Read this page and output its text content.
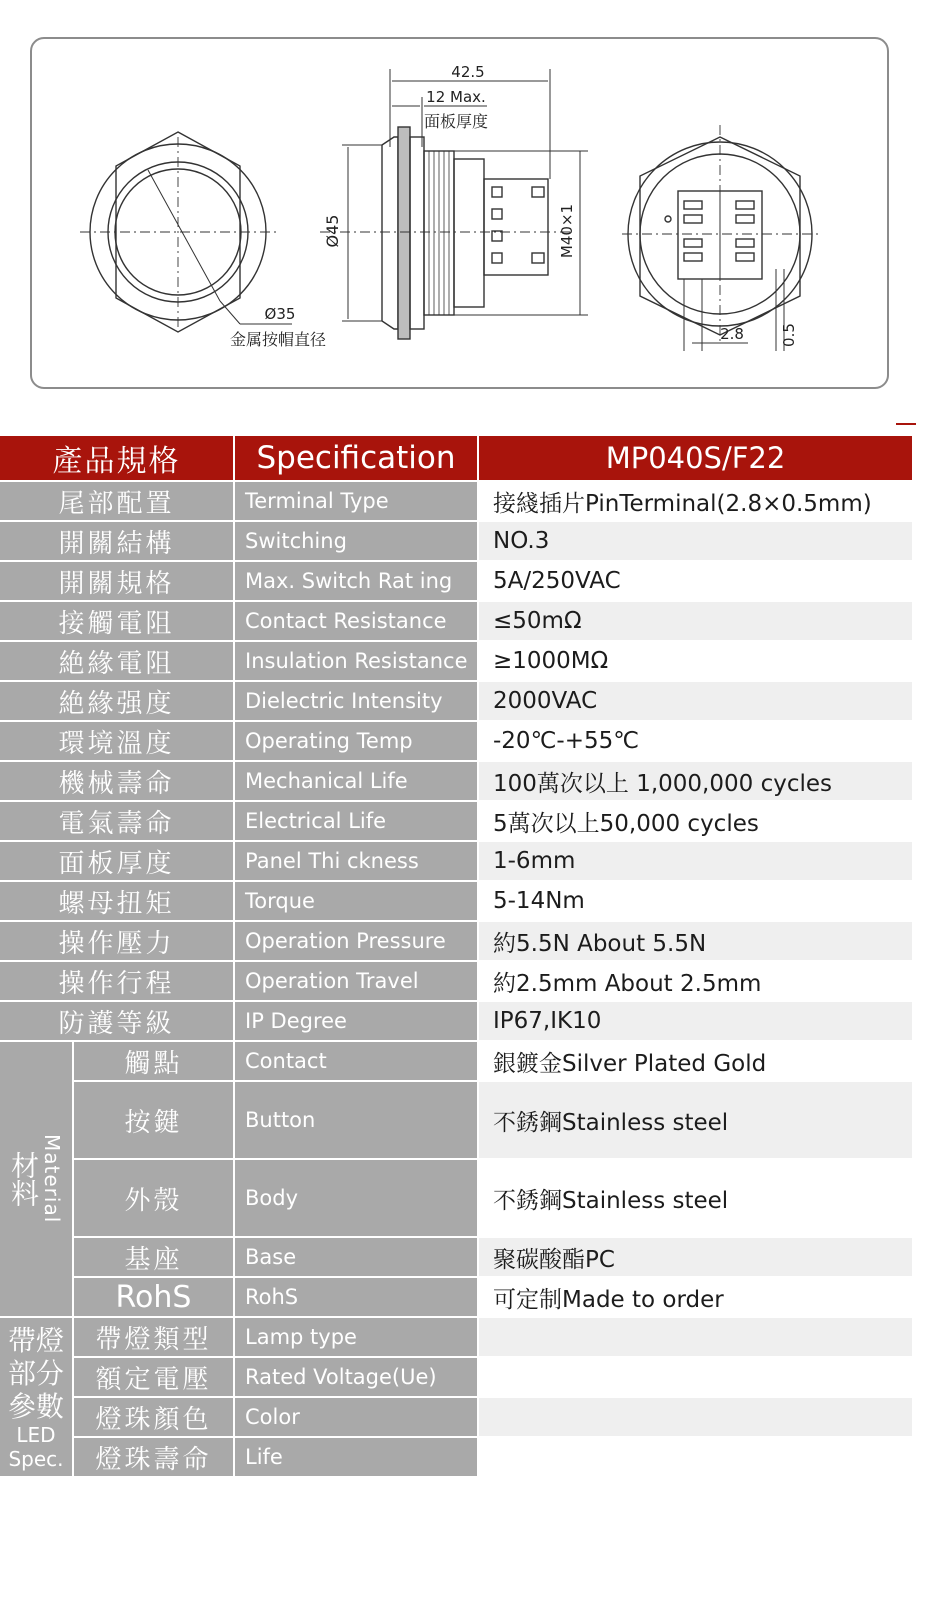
42.5
12 Max.
面板厚度
Ø45	M40×1
Ø35
金属按帽直径	2.8 0.5
產品規格		Specification	MP040S/F22
尾部配置		Terminal Type	接綫插片PinTerminal(2.8×0.5mm)
開關結構		Switching	NO.3
開關規格		Max. Switch Rat ing	5A/250VAC
接觸電阻		Contact Resistance	≤50mΩ
絶緣電阻		Insulation Resistance	≥1000MΩ
絶緣强度		Dielectric Intensity	2000VAC
環境溫度		Operating Temp	-20℃-+55℃
機械壽命		Mechanical Life	100萬次以上 1,000,000 cycles
電氣壽命		Electrical Life	5萬次以上50,000 cycles
面板厚度		Panel Thi ckness	1-6mm
螺母扭矩		Torque	5-14Nm
操作壓力		Operation Pressure	約5.5N About 5.5N
操作行程		Operation Travel	約2.5mm About 2.5mm
防護等級		IP Degree	IP67,IK10

材料 Material	觸點	Contact	銀鍍金Silver Plated Gold
	按鍵	Button	不銹鋼Stainless steel
	外殼	Body	不銹鋼Stainless steel
	基座	Base	聚碳酸酯PC
	RohS	RohS	可定制Made to order
帶燈部分參數
LED Spec.	帶燈類型	Lamp type	
	額定電壓	Rated Voltage(Ue)	
	燈珠顏色	Color	
	燈珠壽命	Life	
